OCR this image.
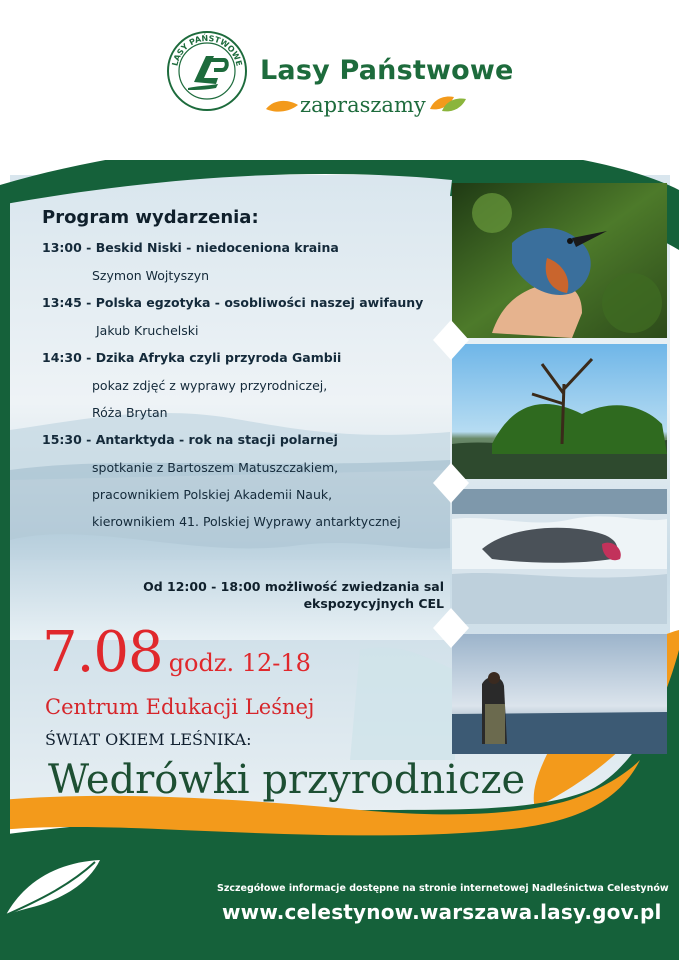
LASY PAŃSTWOWE Lasy Państwowe
zapraszamy
Program wydarzenia:
13:00 - Beskid Niski - niedoceniona kraina
Szymon Wojtyszyn
13:45 - Polska egzotyka - osobliwości naszej awifauny
Jakub Kruchelski
14:30 - Dzika Afryka czyli przyroda Gambii
pokaz zdjęć z wyprawy przyrodniczej,
Róża Brytan
15:30 - Antarktyda - rok na stacji polarnej
spotkanie z Bartoszem Matuszczakiem,
pracownikiem Polskiej Akademii Nauk,
kierownikiem 41. Polskiej Wyprawy antarktycznej
Od 12:00 - 18:00 możliwość zwiedzania sal
ekspozycyjnych CEL
7.08 godz. 12-18
Centrum Edukacji Leśnej
ŚWIAT OKIEM LEŚNIKA:
Wedrówki przyrodnicze
Szczegółowe informacje dostępne na stronie internetowej Nadleśnictwa Celestynów
www.celestynow.warszawa.lasy.gov.pl
